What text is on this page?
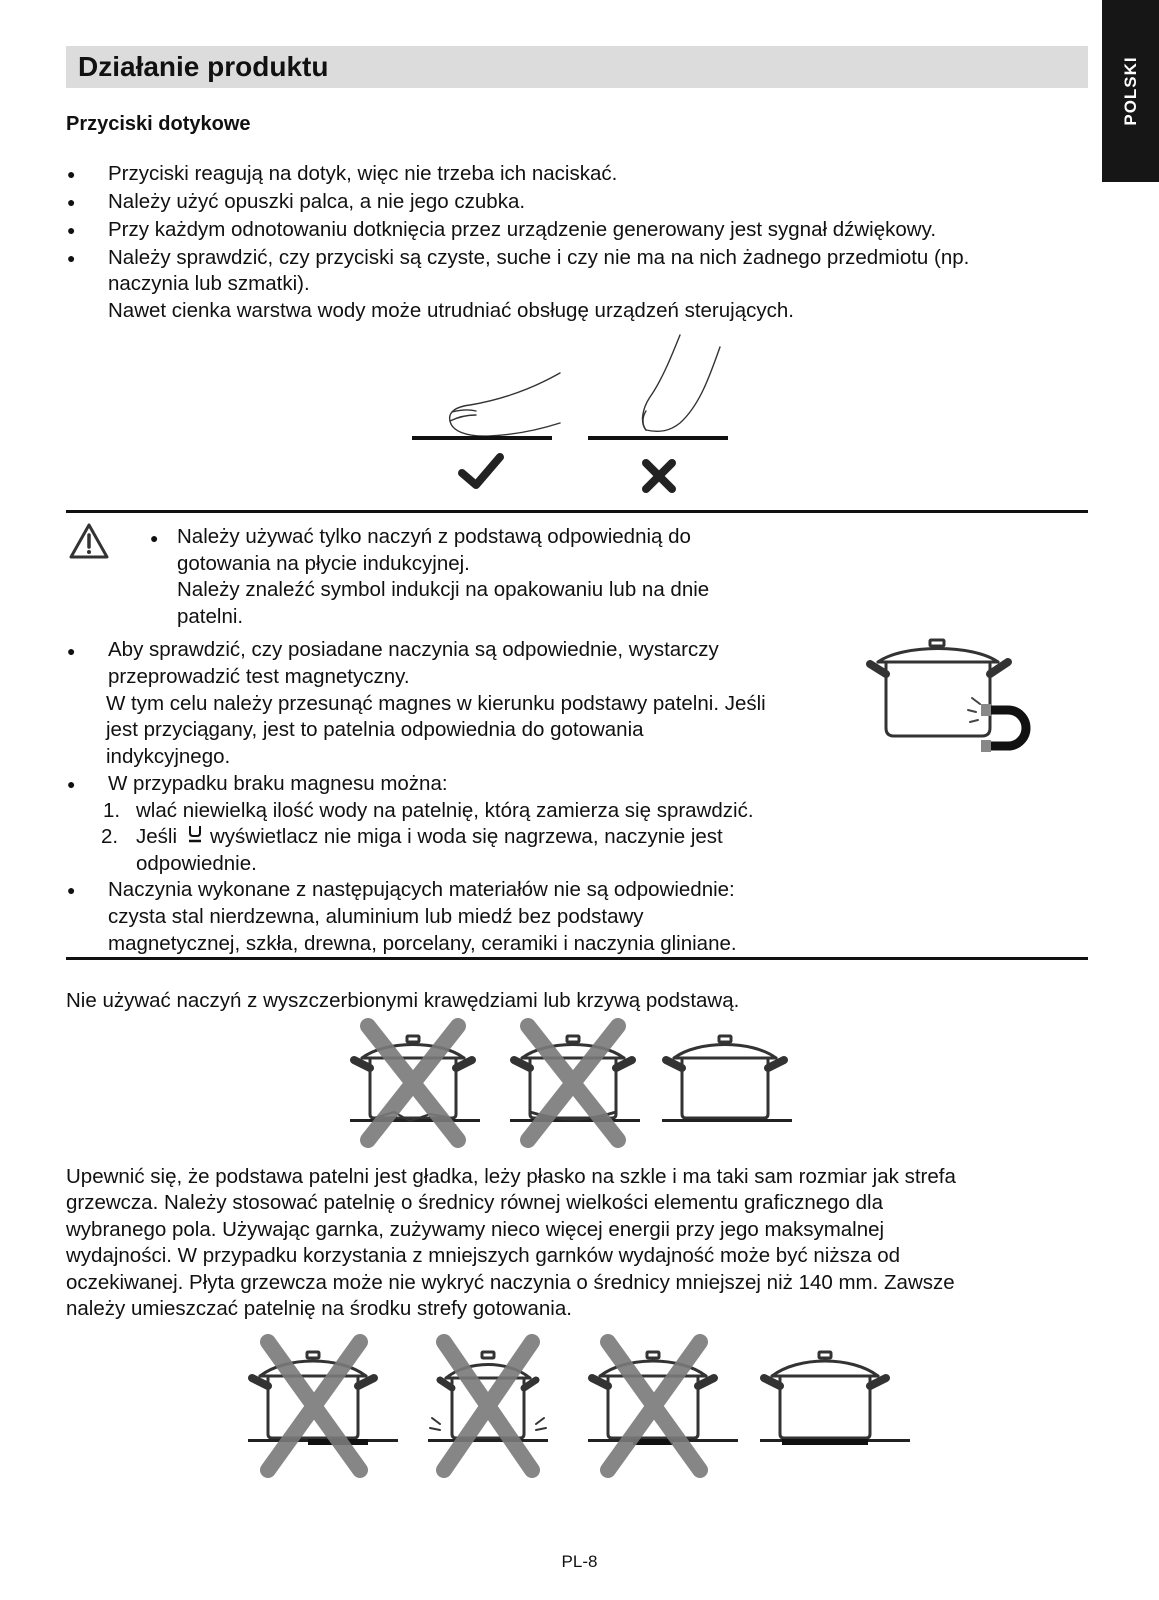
POLSKI
Działanie produktu
Przyciski dotykowe
● Przyciski reagują na dotyk, więc nie trzeba ich naciskać.
● Należy użyć opuszki palca, a nie jego czubka.
● Przy każdym odnotowaniu dotknięcia przez urządzenie generowany jest sygnał dźwiękowy.
● Należy sprawdzić, czy przyciski są czyste, suche i czy nie ma na nich żadnego przedmiotu (np.
naczynia lub szmatki).
Nawet cienka warstwa wody może utrudniać obsługę urządzeń sterujących.
● Należy używać tylko naczyń z podstawą odpowiednią do
gotowania na płycie indukcyjnej.
Należy znaleźć symbol indukcji na opakowaniu lub na dnie
patelni.
● Aby sprawdzić, czy posiadane naczynia są odpowiednie, wystarczy
przeprowadzić test magnetyczny.
W tym celu należy przesunąć magnes w kierunku podstawy patelni. Jeśli
jest przyciągany, jest to patelnia odpowiednia do gotowania
indykcyjnego.
● W przypadku braku magnesu można:
1. wlać niewielką ilość wody na patelnię, którą zamierza się sprawdzić.
2. Jeśli wyświetlacz nie miga i woda się nagrzewa, naczynie jest
odpowiednie.
● Naczynia wykonane z następujących materiałów nie są odpowiednie:
czysta stal nierdzewna, aluminium lub miedź bez podstawy
magnetycznej, szkła, drewna, porcelany, ceramiki i naczynia gliniane.
Nie używać naczyń z wyszczerbionymi krawędziami lub krzywą podstawą.
Upewnić się, że podstawa patelni jest gładka, leży płasko na szkle i ma taki sam rozmiar jak strefa
grzewcza. Należy stosować patelnię o średnicy równej wielkości elementu graficznego dla
wybranego pola. Używając garnka, zużywamy nieco więcej energii przy jego maksymalnej
wydajności. W przypadku korzystania z mniejszych garnków wydajność może być niższa od
oczekiwanej. Płyta grzewcza może nie wykryć naczynia o średnicy mniejszej niż 140 mm. Zawsze
należy umieszczać patelnię na środku strefy gotowania.
PL-8
